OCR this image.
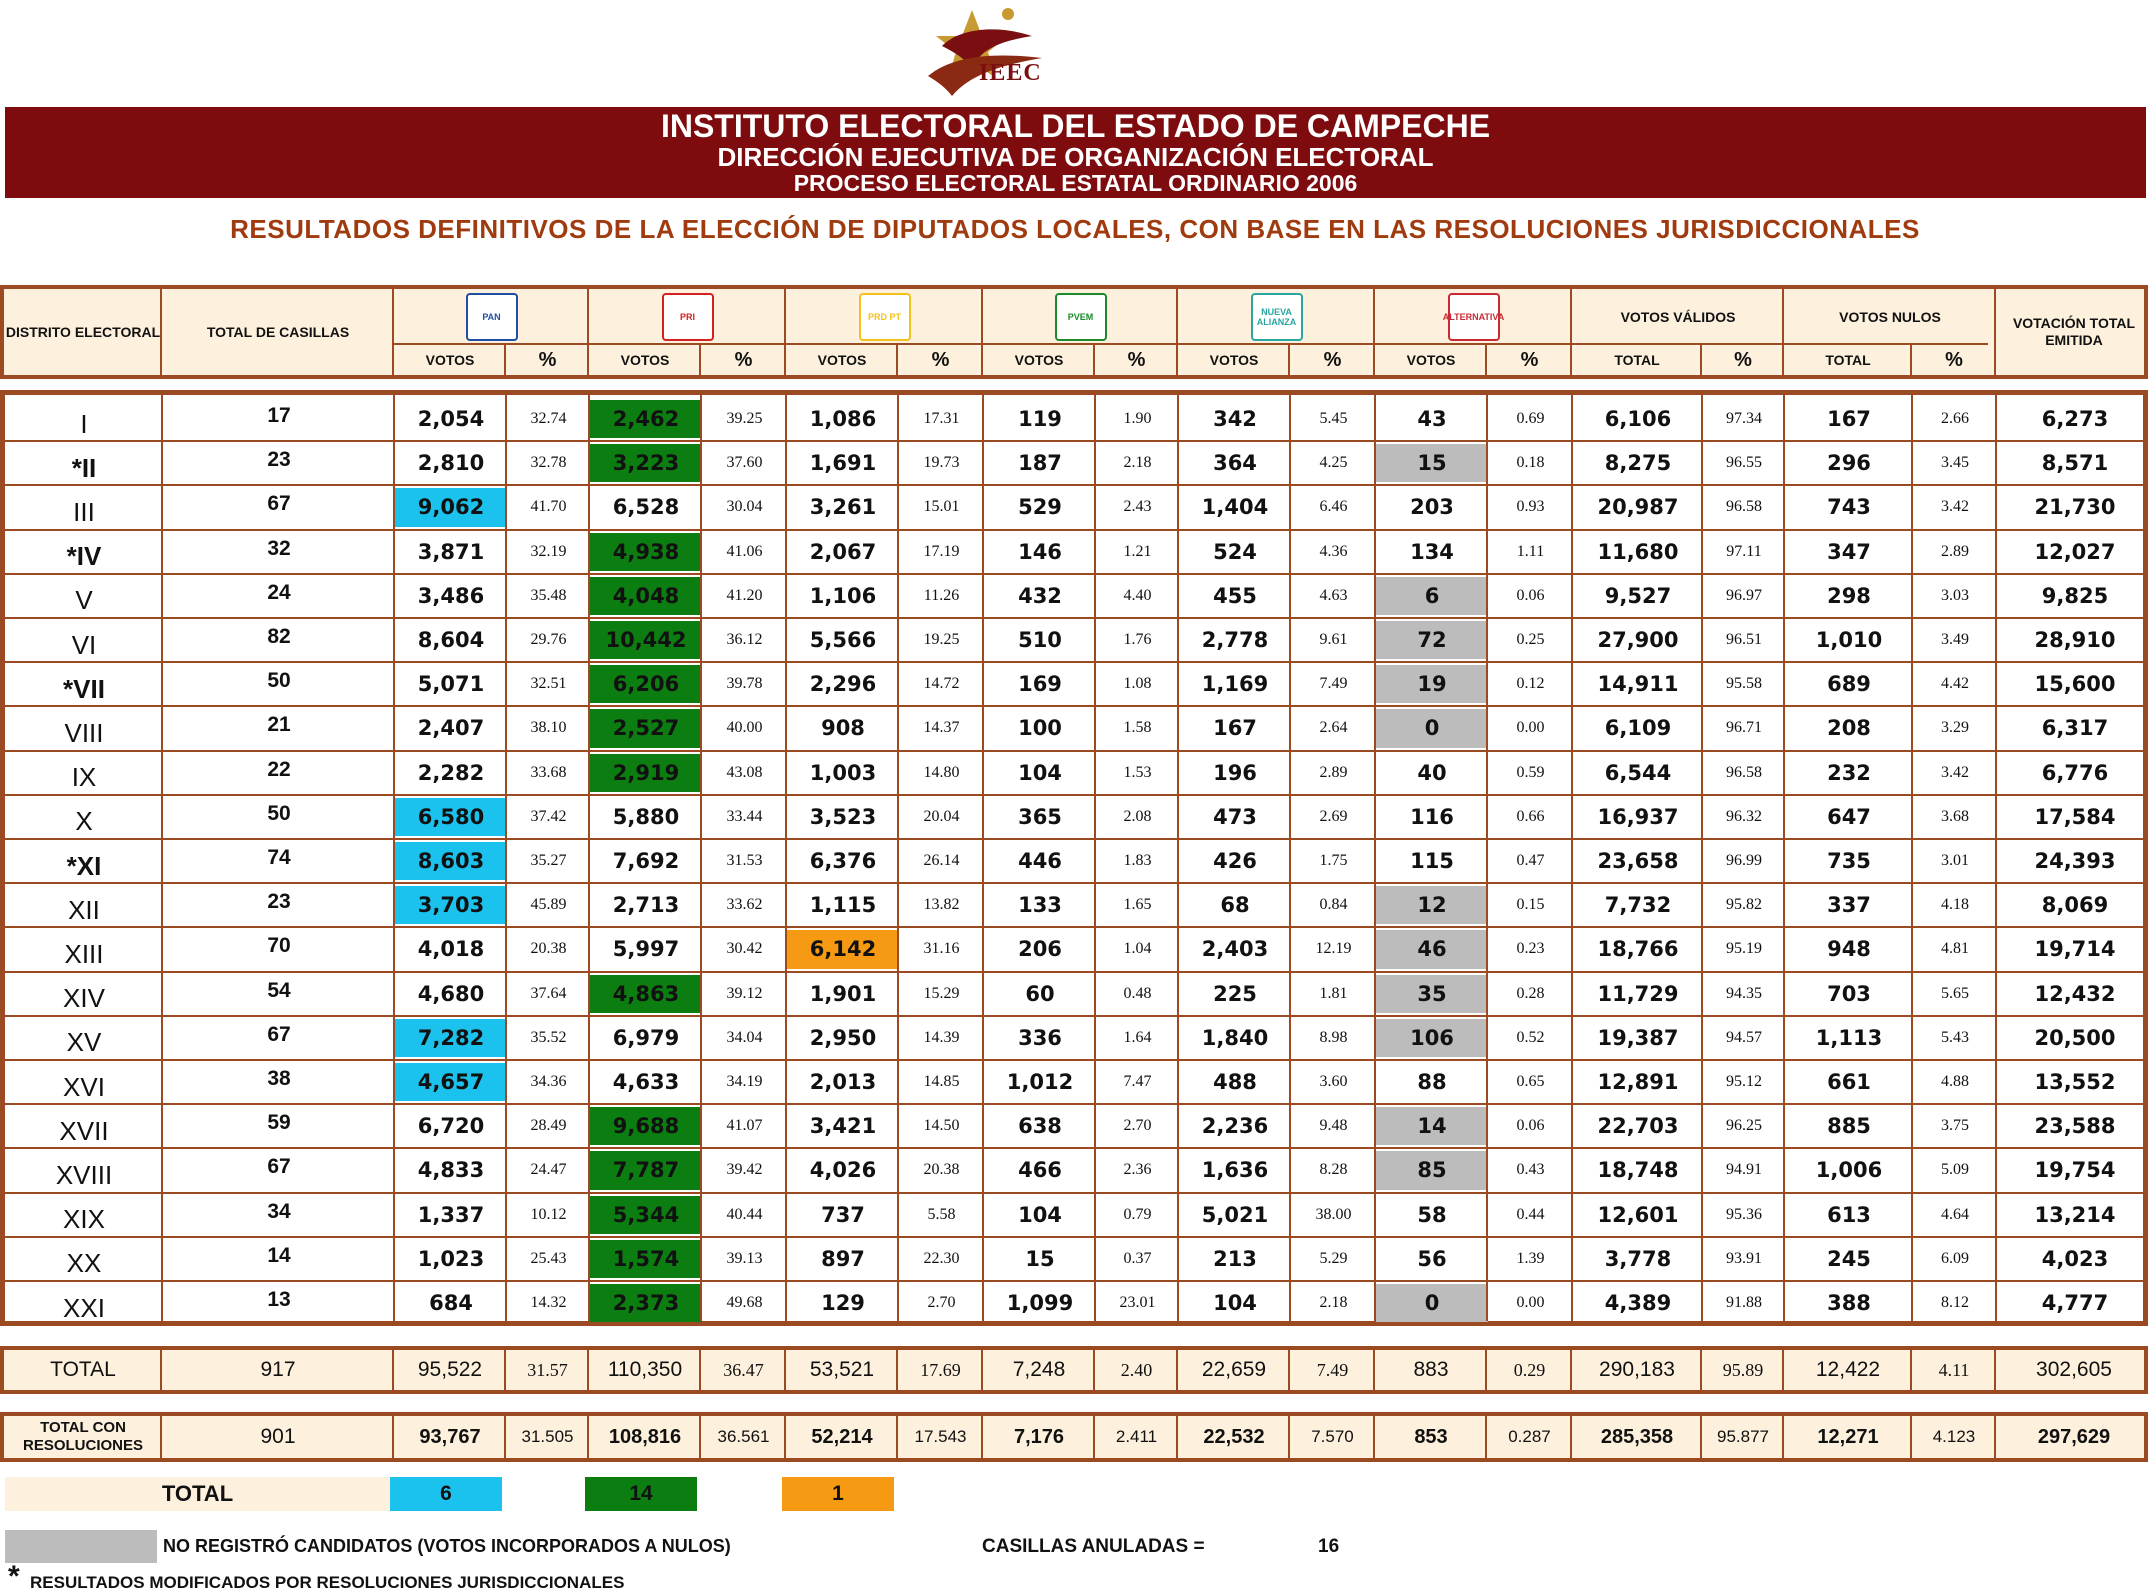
IEEC
INSTITUTO ELECTORAL DEL ESTADO DE CAMPECHE
DIRECCIÓN EJECUTIVA DE ORGANIZACIÓN ELECTORAL
PROCESO ELECTORAL ESTATAL ORDINARIO 2006
RESULTADOS DEFINITIVOS DE LA ELECCIÓN DE DIPUTADOS LOCALES, CON BASE EN LAS RESOLUCIONES JURISDICCIONALES
DISTRITO ELECTORAL	TOTAL DE CASILLAS
PAN
VOTOS	%
PRI
VOTOS	%
PRD PT
VOTOS	%
PVEM
VOTOS	%
NUEVA ALIANZA
VOTOS	%
ALTERNATIVA
VOTOS	%
VOTOS VÁLIDOS
TOTAL	%
VOTOS NULOS
TOTAL	%
VOTACIÓN TOTAL EMITIDA
I	17	2,054	32.74	2,462	39.25	1,086	17.31	119	1.90	342	5.45	43	0.69	6,106	97.34	167	2.66	6,273
* II	23	2,810	32.78	3,223	37.60	1,691	19.73	187	2.18	364	4.25	15	0.18	8,275	96.55	296	3.45	8,571
III	67	9,062	41.70	6,528	30.04	3,261	15.01	529	2.43	1,404	6.46	203	0.93	20,987	96.58	743	3.42	21,730
* IV	32	3,871	32.19	4,938	41.06	2,067	17.19	146	1.21	524	4.36	134	1.11	11,680	97.11	347	2.89	12,027
V	24	3,486	35.48	4,048	41.20	1,106	11.26	432	4.40	455	4.63	6	0.06	9,527	96.97	298	3.03	9,825
VI	82	8,604	29.76	10,442	36.12	5,566	19.25	510	1.76	2,778	9.61	72	0.25	27,900	96.51	1,010	3.49	28,910
* VII	50	5,071	32.51	6,206	39.78	2,296	14.72	169	1.08	1,169	7.49	19	0.12	14,911	95.58	689	4.42	15,600
VIII	21	2,407	38.10	2,527	40.00	908	14.37	100	1.58	167	2.64	0	0.00	6,109	96.71	208	3.29	6,317
IX	22	2,282	33.68	2,919	43.08	1,003	14.80	104	1.53	196	2.89	40	0.59	6,544	96.58	232	3.42	6,776
X	50	6,580	37.42	5,880	33.44	3,523	20.04	365	2.08	473	2.69	116	0.66	16,937	96.32	647	3.68	17,584
* XI	74	8,603	35.27	7,692	31.53	6,376	26.14	446	1.83	426	1.75	115	0.47	23,658	96.99	735	3.01	24,393
XII	23	3,703	45.89	2,713	33.62	1,115	13.82	133	1.65	68	0.84	12	0.15	7,732	95.82	337	4.18	8,069
XIII	70	4,018	20.38	5,997	30.42	6,142	31.16	206	1.04	2,403	12.19	46	0.23	18,766	95.19	948	4.81	19,714
XIV	54	4,680	37.64	4,863	39.12	1,901	15.29	60	0.48	225	1.81	35	0.28	11,729	94.35	703	5.65	12,432
XV	67	7,282	35.52	6,979	34.04	2,950	14.39	336	1.64	1,840	8.98	106	0.52	19,387	94.57	1,113	5.43	20,500
XVI	38	4,657	34.36	4,633	34.19	2,013	14.85	1,012	7.47	488	3.60	88	0.65	12,891	95.12	661	4.88	13,552
XVII	59	6,720	28.49	9,688	41.07	3,421	14.50	638	2.70	2,236	9.48	14	0.06	22,703	96.25	885	3.75	23,588
XVIII	67	4,833	24.47	7,787	39.42	4,026	20.38	466	2.36	1,636	8.28	85	0.43	18,748	94.91	1,006	5.09	19,754
XIX	34	1,337	10.12	5,344	40.44	737	5.58	104	0.79	5,021	38.00	58	0.44	12,601	95.36	613	4.64	13,214
XX	14	1,023	25.43	1,574	39.13	897	22.30	15	0.37	213	5.29	56	1.39	3,778	93.91	245	6.09	4,023
XXI	13	684	14.32	2,373	49.68	129	2.70	1,099	23.01	104	2.18	0	0.00	4,389	91.88	388	8.12	4,777
TOTAL	917	95,522	31.57	110,350	36.47	53,521	17.69	7,248	2.40	22,659	7.49	883	0.29	290,183	95.89	12,422	4.11	302,605
TOTAL CON RESOLUCIONES	901	93,767	31.505	108,816	36.561	52,214	17.543	7,176	2.411	22,532	7.570	853	0.287	285,358	95.877	12,271	4.123	297,629
TOTAL	6	14	1
NO REGISTRÓ CANDIDATOS (VOTOS INCORPORADOS A NULOS)	CASILLAS ANULADAS =	16
* RESULTADOS MODIFICADOS POR RESOLUCIONES JURISDICCIONALES
